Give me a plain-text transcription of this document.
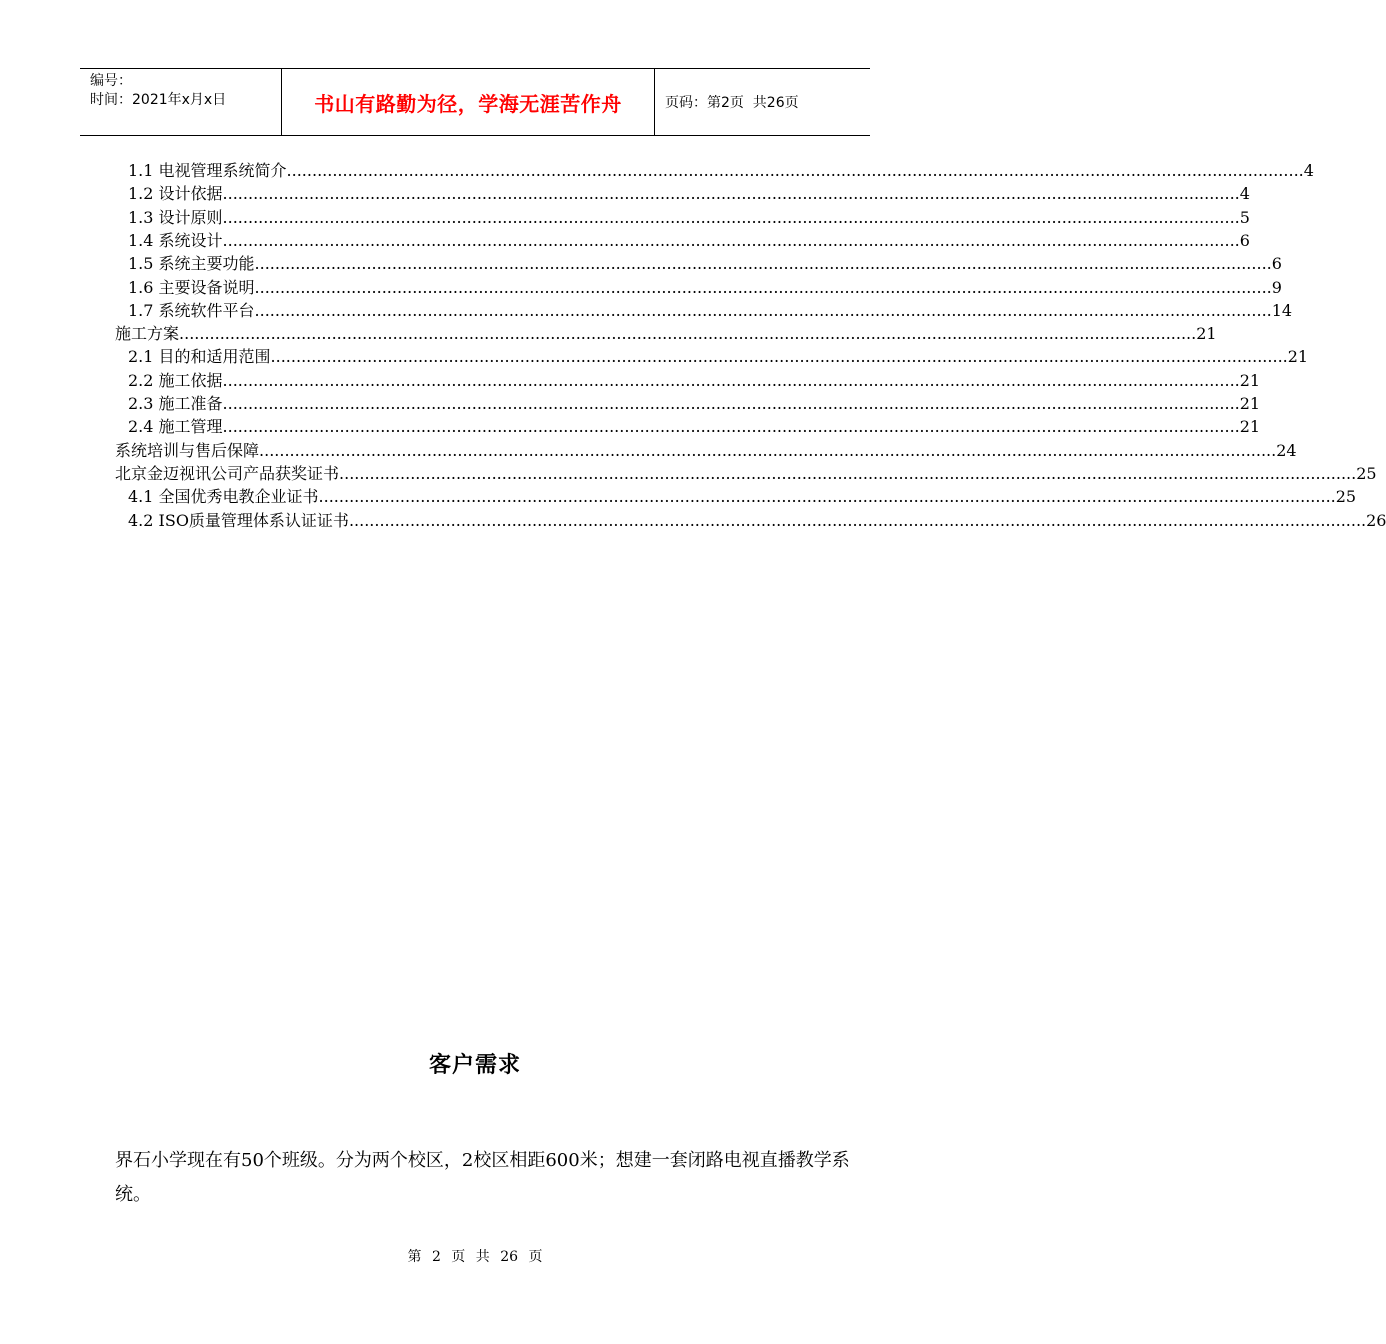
编号：
时间：2021年x月x日	书山有路勤为径，学海无涯苦作舟	页码：第2页  共26页
1.1 电视管理系统简介 ........................................................................................................................................................................................................ 4
1.2 设计依据 ........................................................................................................................................................................................................ 4
1.3 设计原则 ........................................................................................................................................................................................................ 5
1.4 系统设计 ........................................................................................................................................................................................................ 6
1.5 系统主要功能 ........................................................................................................................................................................................................ 6
1.6 主要设备说明 ........................................................................................................................................................................................................ 9
1.7 系统软件平台 ........................................................................................................................................................................................................ 14
施工方案 ........................................................................................................................................................................................................ 21
2.1 目的和适用范围 ........................................................................................................................................................................................................ 21
2.2 施工依据 ........................................................................................................................................................................................................ 21
2.3 施工准备 ........................................................................................................................................................................................................ 21
2.4 施工管理 ........................................................................................................................................................................................................ 21
系统培训与售后保障 ........................................................................................................................................................................................................ 24
北京金迈视讯公司产品获奖证书 ........................................................................................................................................................................................................ 25
4.1 全国优秀电教企业证书 ........................................................................................................................................................................................................ 25
4.2 ISO质量管理体系认证证书 ........................................................................................................................................................................................................ 26
客户需求
界石小学现在有50个班级。分为两个校区，2校区相距600米；想建一套闭路电视直播教学系统。
第 2 页 共 26 页
